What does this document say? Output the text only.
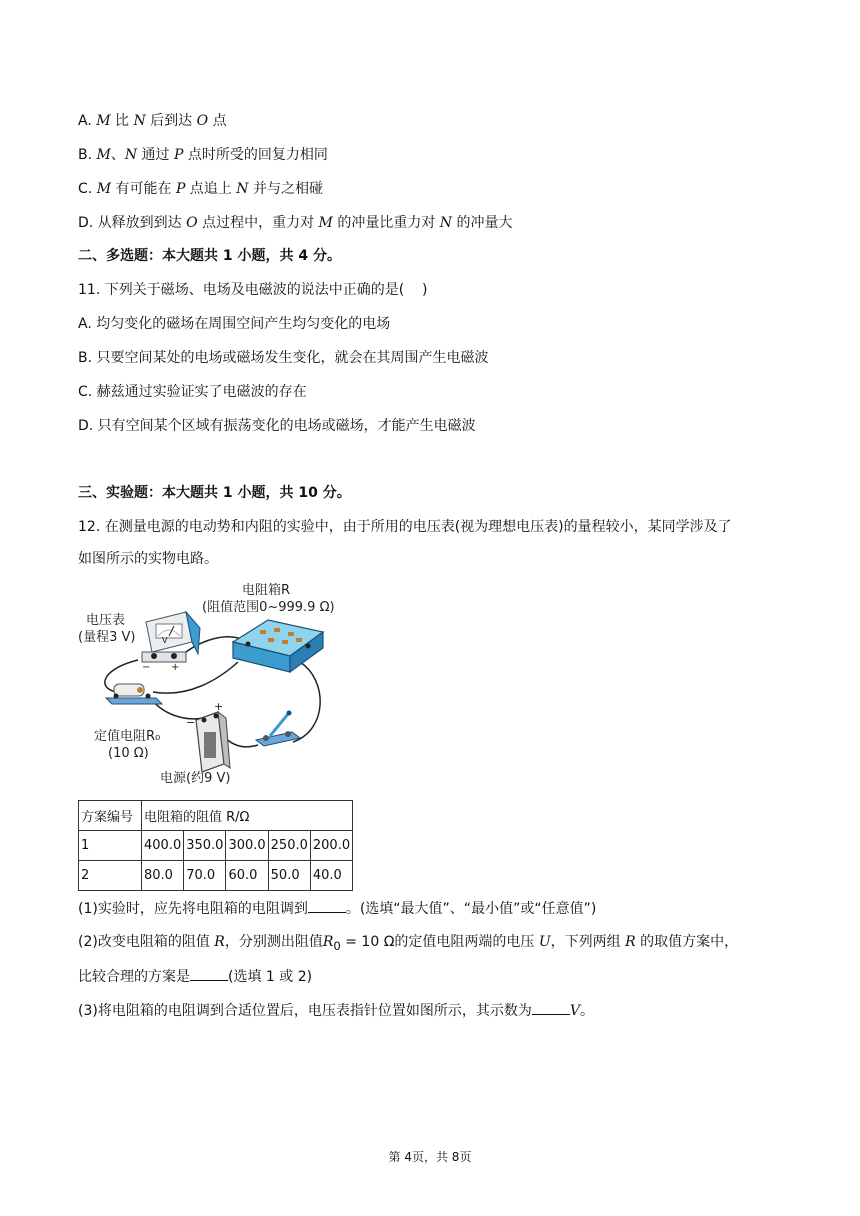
A. M 比 N 后到达 O 点
B. M、N 通过 P 点时所受的回复力相同
C. M 有可能在 P 点追上 N 并与之相碰
D. 从释放到到达 O 点过程中，重力对 M 的冲量比重力对 N 的冲量大
二、多选题：本大题共 1 小题，共 4 分。
11. 下列关于磁场、电场及电磁波的说法中正确的是(    )
A. 均匀变化的磁场在周围空间产生均匀变化的电场
B. 只要空间某处的电场或磁场发生变化，就会在其周围产生电磁波
C. 赫兹通过实验证实了电磁波的存在
D. 只有空间某个区域有振荡变化的电场或磁场，才能产生电磁波
三、实验题：本大题共 1 小题，共 10 分。
12. 在测量电源的电动势和内阻的实验中，由于所用的电压表(视为理想电压表)的量程较小，某同学涉及了
如图所示的实物电路。
V
− +
−
+
电阻箱R
(阻值范围0~999.9 Ω)
电压表
(量程3 V)
定值电阻R₀
(10 Ω)
电源(约9 V)
方案编号	电阻箱的阻值 R/Ω				
1	400.0	350.0	300.0	250.0	200.0
2	80.0	70.0	60.0	50.0	40.0
(1)实验时，应先将电阻箱的电阻调到	。(选填“最大值”、“最小值”或“任意值”)
(2)改变电阻箱的阻值 R，分别测出阻值$R_0 = 10$ Ω的定值电阻两端的电压 U，下列两组 R 的取值方案中，
比较合理的方案是	(选填 1 或 2)
(3)将电阻箱的电阻调到合适位置后，电压表指针位置如图所示，其示数为	V。
第 4页，共 8页
